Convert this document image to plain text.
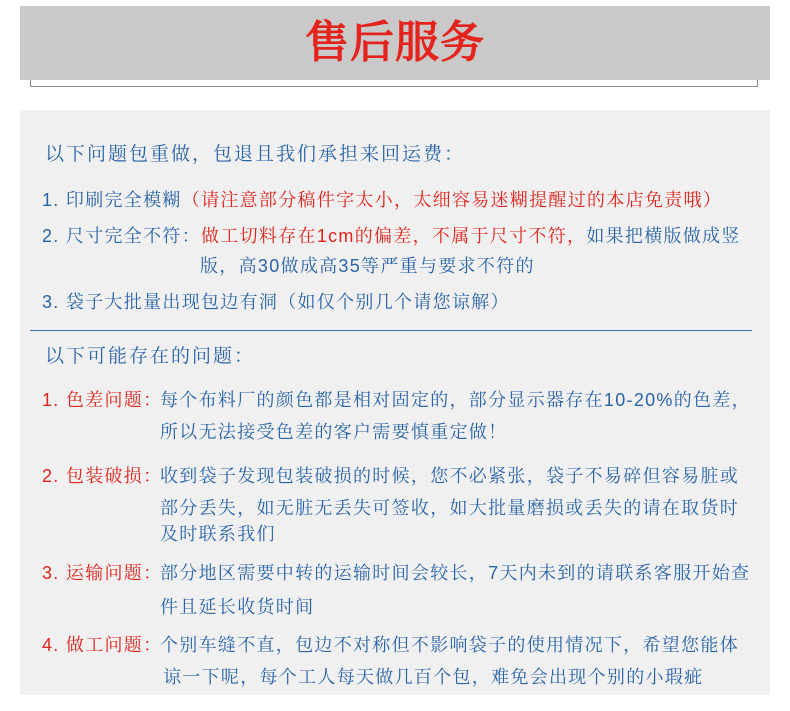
售后服务
以下问题包重做，包退且我们承担来回运费：
1. 印刷完全模糊（请注意部分稿件字太小，太细容易迷糊提醒过的本店免责哦）
2. 尺寸完全不符：做工切料存在1cm的偏差，不属于尺寸不符，如果把横版做成竖
版，高30做成高35等严重与要求不符的
3. 袋子大批量出现包边有洞（如仅个别几个请您谅解）
以下可能存在的问题：
1. 色差问题：
每个布料厂的颜色都是相对固定的，部分显示器存在10-20%的色差，
所以无法接受色差的客户需要慎重定做！
2. 包装破损：
收到袋子发现包装破损的时候，您不必紧张，袋子不易碎但容易脏或
部分丢失，如无脏无丢失可签收，如大批量磨损或丢失的请在取货时
及时联系我们
3. 运输问题：
部分地区需要中转的运输时间会较长，7天内未到的请联系客服开始查
件且延长收货时间
4. 做工问题：
个别车缝不直，包边不对称但不影响袋子的使用情况下，希望您能体
谅一下呢，每个工人每天做几百个包，难免会出现个别的小瑕疵
